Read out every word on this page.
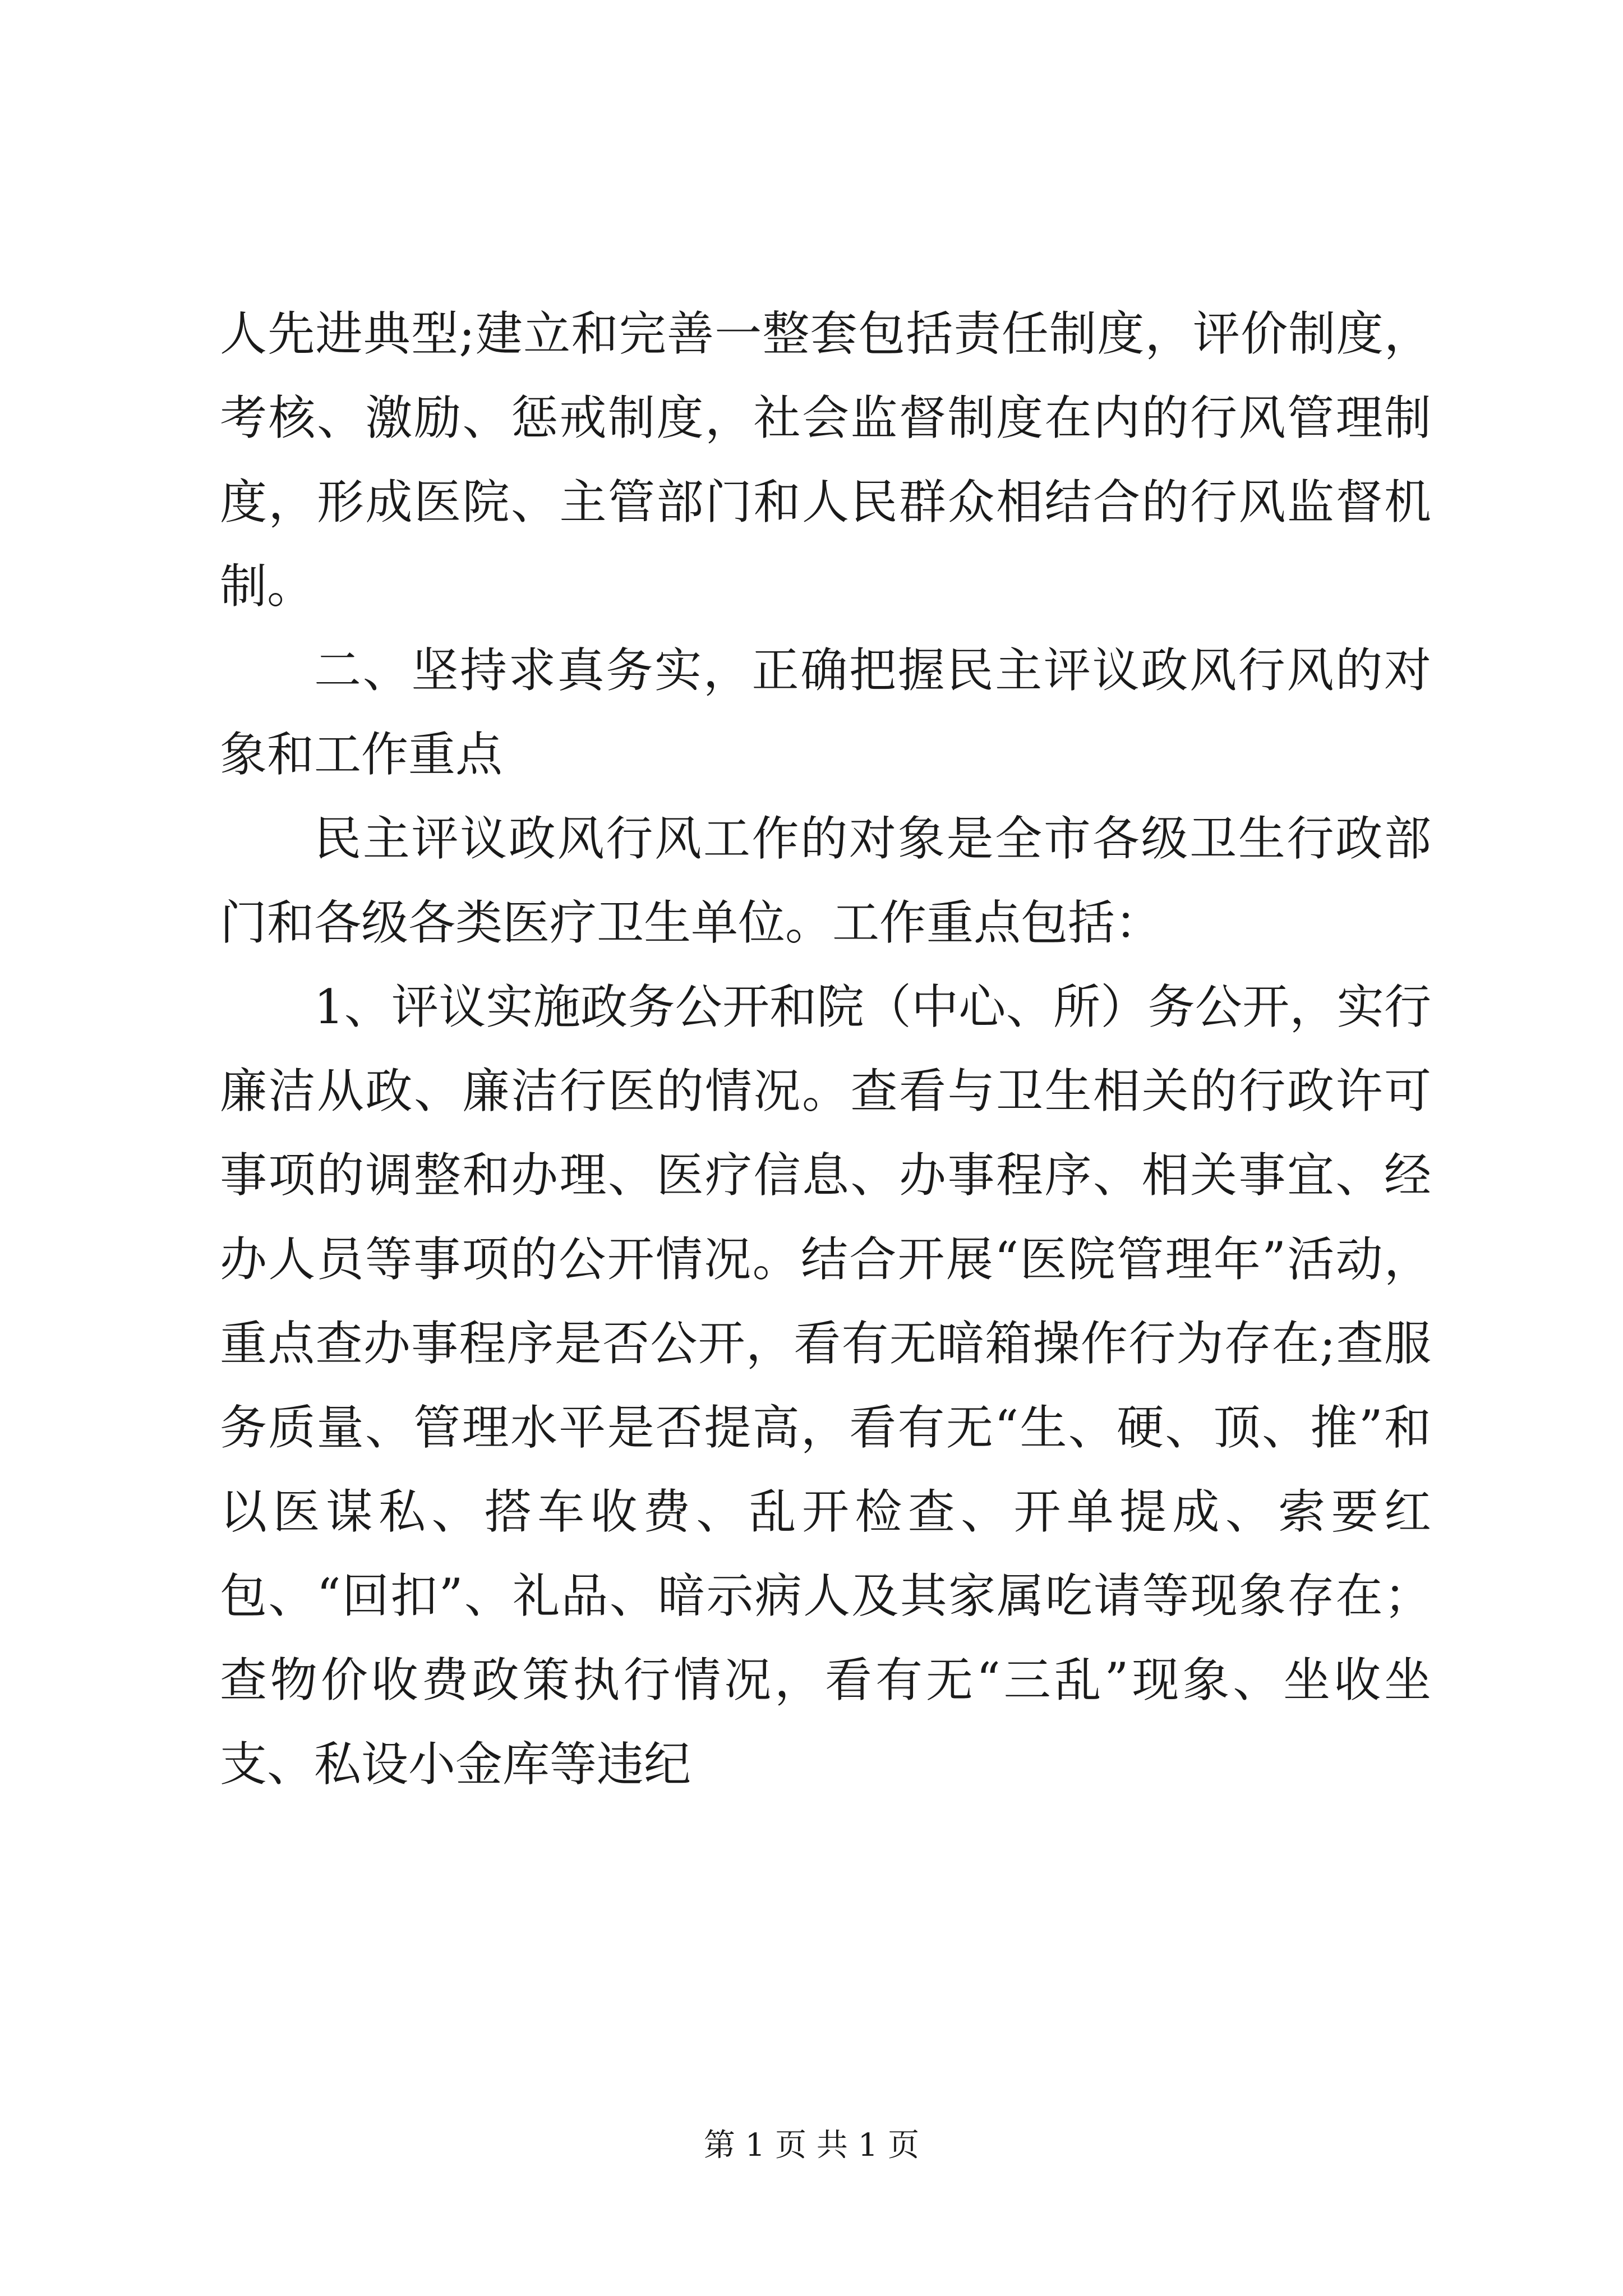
人先进典型;建立和完善一整套包括责任制度，评价制度，考核、激励、惩戒制度，社会监督制度在内的行风管理制度，形成医院、主管部门和人民群众相结合的行风监督机制。

二、坚持求真务实，正确把握民主评议政风行风的对象和工作重点

民主评议政风行风工作的对象是全市各级卫生行政部门和各级各类医疗卫生单位。工作重点包括：

1、评议实施政务公开和院（中心、所）务公开，实行廉洁从政、廉洁行医的情况。查看与卫生相关的行政许可事项的调整和办理、医疗信息、办事程序、相关事宜、经办人员等事项的公开情况。结合开展“医院管理年”活动，重点查办事程序是否公开，看有无暗箱操作行为存在;查服务质量、管理水平是否提高，看有无“生、硬、顶、推”和以医谋私、搭车收费、乱开检查、开单提成、索要红包、“回扣”、礼品、暗示病人及其家属吃请等现象存在；查物价收费政策执行情况，看有无“三乱”现象、坐收坐支、私设小金库等违纪

第 1 页 共 1 页
